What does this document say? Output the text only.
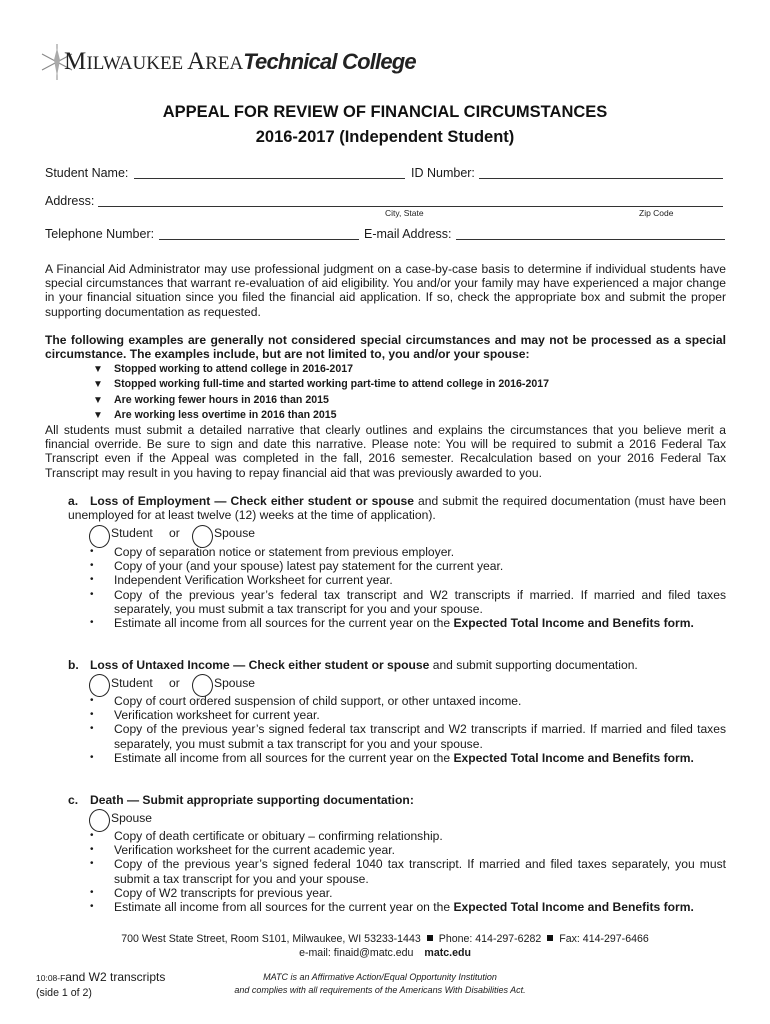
MILWAUKEE AREATechnical College
APPEAL FOR REVIEW OF FINANCIAL CIRCUMSTANCES
2016-2017 (Independent Student)
Student Name:	ID Number:
Address:
City, State	Zip Code
Telephone Number:	E-mail Address:
A Financial Aid Administrator may use professional judgment on a case-by-case basis to determine if individual students have special circumstances that warrant re-evaluation of aid eligibility. You and/or your family may have experienced a major change in your financial situation since you filed the financial aid application. If so, check the appropriate box and submit the proper supporting documentation as requested.
The following examples are generally not considered special circumstances and may not be processed as a special circumstance. The examples include, but are not limited to, you and/or your spouse:
▼ Stopped working to attend college in 2016-2017
▼ Stopped working full-time and started working part-time to attend college in 2016-2017
▼ Are working fewer hours in 2016 than 2015
▼ Are working less overtime in 2016 than 2015
All students must submit a detailed narrative that clearly outlines and explains the circumstances that you believe merit a financial override. Be sure to sign and date this narrative. Please note: You will be required to submit a 2016 Federal Tax Transcript even if the Appeal was completed in the fall, 2016 semester. Recalculation based on your 2016 Federal Tax Transcript may result in you having to repay financial aid that was previously awarded to you.
a. Loss of Employment — Check either student or spouse and submit the required documentation (must have been unemployed for at least twelve (12) weeks at the time of application).
Student or	Spouse
• Copy of separation notice or statement from previous employer.
• Copy of your (and your spouse) latest pay statement for the current year.
• Independent Verification Worksheet for current year.
• Copy of the previous year’s federal tax transcript and W2 transcripts if married. If married and filed taxes separately, you must submit a tax transcript for you and your spouse.
• Estimate all income from all sources for the current year on the Expected Total Income and Benefits form.
b. Loss of Untaxed Income — Check either student or spouse and submit supporting documentation.
Student or	Spouse
• Copy of court ordered suspension of child support, or other untaxed income.
• Verification worksheet for current year.
• Copy of the previous year’s signed federal tax transcript and W2 transcripts if married. If married and filed taxes separately, you must submit a tax transcript for you and your spouse.
• Estimate all income from all sources for the current year on the Expected Total Income and Benefits form.
c. Death — Submit appropriate supporting documentation:
Spouse
• Copy of death certificate or obituary – confirming relationship.
• Verification worksheet for the current academic year.
• Copy of the previous year’s signed federal 1040 tax transcript. If married and filed taxes separately, you must submit a tax transcript for you and your spouse.
• Copy of W2 transcripts for previous year.
• Estimate all income from all sources for the current year on the Expected Total Income and Benefits form.
700 West State Street, Room S101, Milwaukee, WI 53233-1443 Phone: 414-297-6282 Fax: 414-297-6466
e-mail: finaid@matc.edu matc.edu
10:08-Fand W2 transcripts
(side 1 of 2)
MATC is an Affirmative Action/Equal Opportunity Institution
and complies with all requirements of the Americans With Disabilities Act.
